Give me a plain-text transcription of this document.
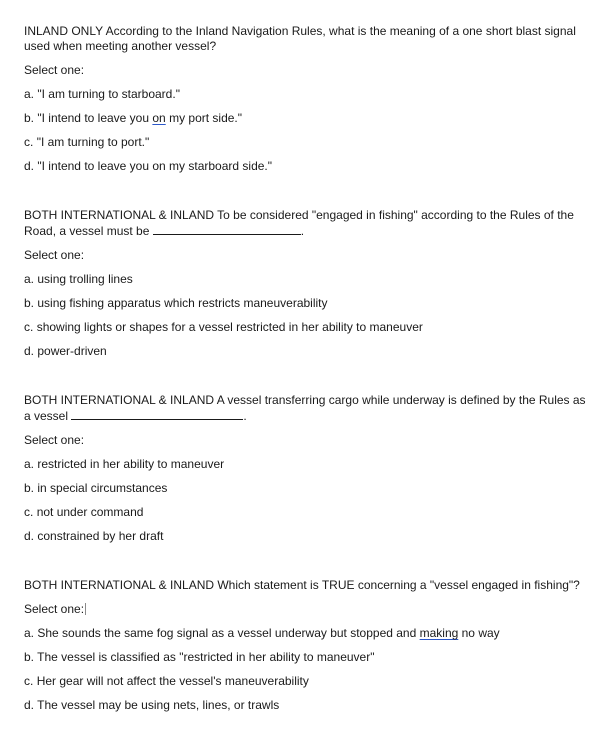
INLAND ONLY According to the Inland Navigation Rules, what is the meaning of a one short blast signal used when meeting another vessel?

Select one:

a. "I am turning to starboard."

b. "I intend to leave you on my port side."

c. "I am turning to port."

d. "I intend to leave you on my starboard side."

BOTH INTERNATIONAL & INLAND To be considered "engaged in fishing" according to the Rules of the Road, a vessel must be	.

Select one:

a. using trolling lines

b. using fishing apparatus which restricts maneuverability

c. showing lights or shapes for a vessel restricted in her ability to maneuver

d. power-driven

BOTH INTERNATIONAL & INLAND A vessel transferring cargo while underway is defined by the Rules as a vessel	.

Select one:

a. restricted in her ability to maneuver

b. in special circumstances

c. not under command

d. constrained by her draft

BOTH INTERNATIONAL & INLAND Which statement is TRUE concerning a "vessel engaged in fishing"?

Select one:

a. She sounds the same fog signal as a vessel underway but stopped and making no way

b. The vessel is classified as "restricted in her ability to maneuver"

c. Her gear will not affect the vessel's maneuverability

d. The vessel may be using nets, lines, or trawls
